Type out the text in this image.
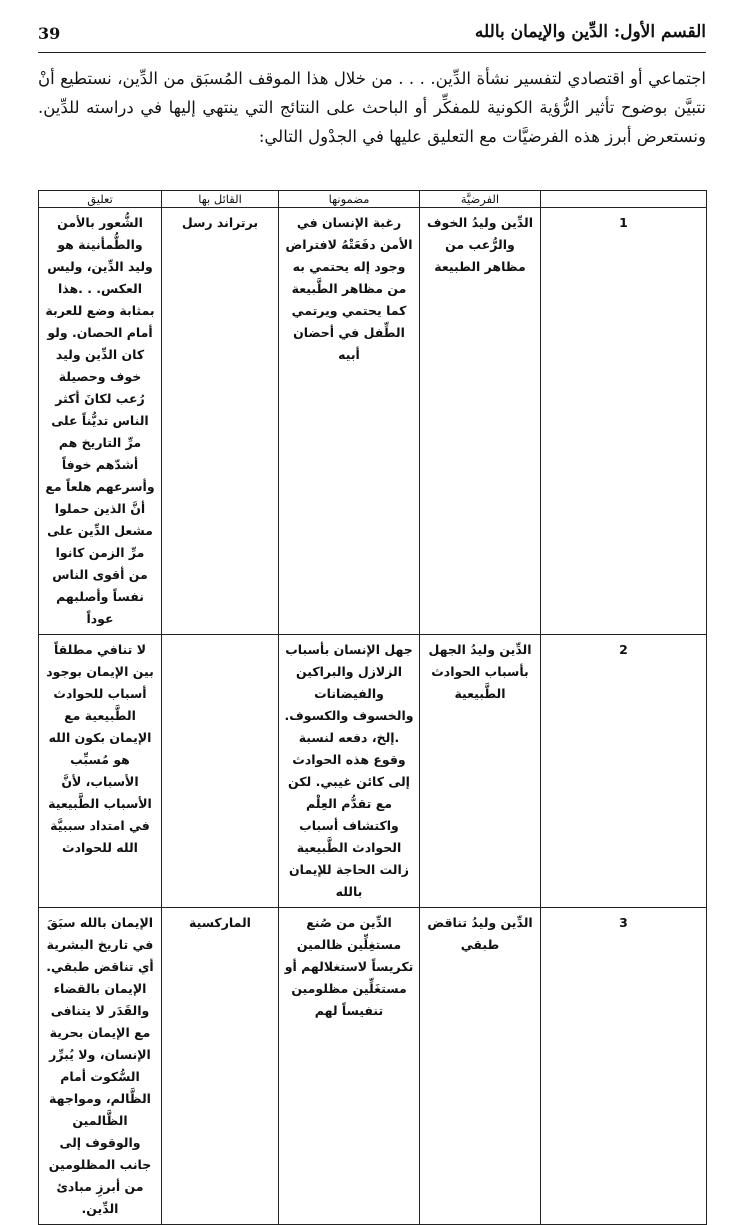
39	القسم الأول: الدِّين والإيمان بالله

اجتماعي أو اقتصادي لتفسير نشأة الدِّين. . . . من خلال هذا الموقف المُسبَق من الدِّين، نستطيع أنْ نتبيَّن بوضوح تأثير الرُّؤية الكونية للمفكِّر أو الباحث على النتائج التي ينتهي إليها في دراسته للدِّين. ونستعرض أبرز هذه الفرضيَّات مع التعليق عليها في الجدْول التالي:

	الفرضيَّة	مضمونها	القائل بها	تعليق
1	الدِّين وليدُ الخوف والرُّعب من مظاهر الطبيعة	رغبة الإنسان في الأمن دفَعَتْهُ لافتراض وجود إله يحتمي به من مظاهر الطَّبيعة كما يحتمي ويرتمي الطِّفل في أحضان أبيه	برتراند رسل	الشُّعور بالأمن والطُّمأنينة هو وليد الدِّين، وليس العكس. . .هذا بمثابة وضع للعربة أمام الحصان. ولو كان الدِّين وليد خوف وحصيلة رُعب لكانَ أكثر الناس تديُّناً على مرِّ التاريخ هم أشدّهم خوفاً وأسرعهم هلعاً مع أنَّ الذين حملوا مشعل الدِّين على مرِّ الزمن كانوا من أقوى الناس نفساً وأصلبهم عوداً
2	الدِّين وليدُ الجهل بأسباب الحوادث الطَّبيعية	جهل الإنسان بأسباب الزلازل والبراكين والفيضانات والخسوف والكسوف. .إلخ، دفعه لنسبة وقوع هذه الحوادث إلى كائن غيبي. لكن مع تقدُّم العِلْم واكتشاف أسباب الحوادث الطَّبيعية زالت الحاجة للإيمان بالله		لا تنافي مطلقاً بين الإيمان بوجود أسباب للحوادث الطَّبيعية مع الإيمان بكون الله هو مُسبِّب الأسباب، لأنَّ الأسباب الطَّبيعية في امتداد سببيَّة الله للحوادث
3	الدِّين وليدُ تناقض طبقي	الدِّين من صُنع مستغِلِّين ظالمين تكريساً لاستغلالهم أو مستغَلِّين مظلومين تنفيساً لهم	الماركسية	الإيمان بالله سبَقَ في تاريخ البشرية أي تناقض طبقي. الإيمان بالقضاء والقَدَر لا يتنافى مع الإيمان بحرية الإنسان، ولا يُبرِّر السُّكوت أمام الظَّالم، ومواجهة الظَّالمين والوقوف إلى جانب المظلومين من أبرزِ مبادئ الدِّين.
